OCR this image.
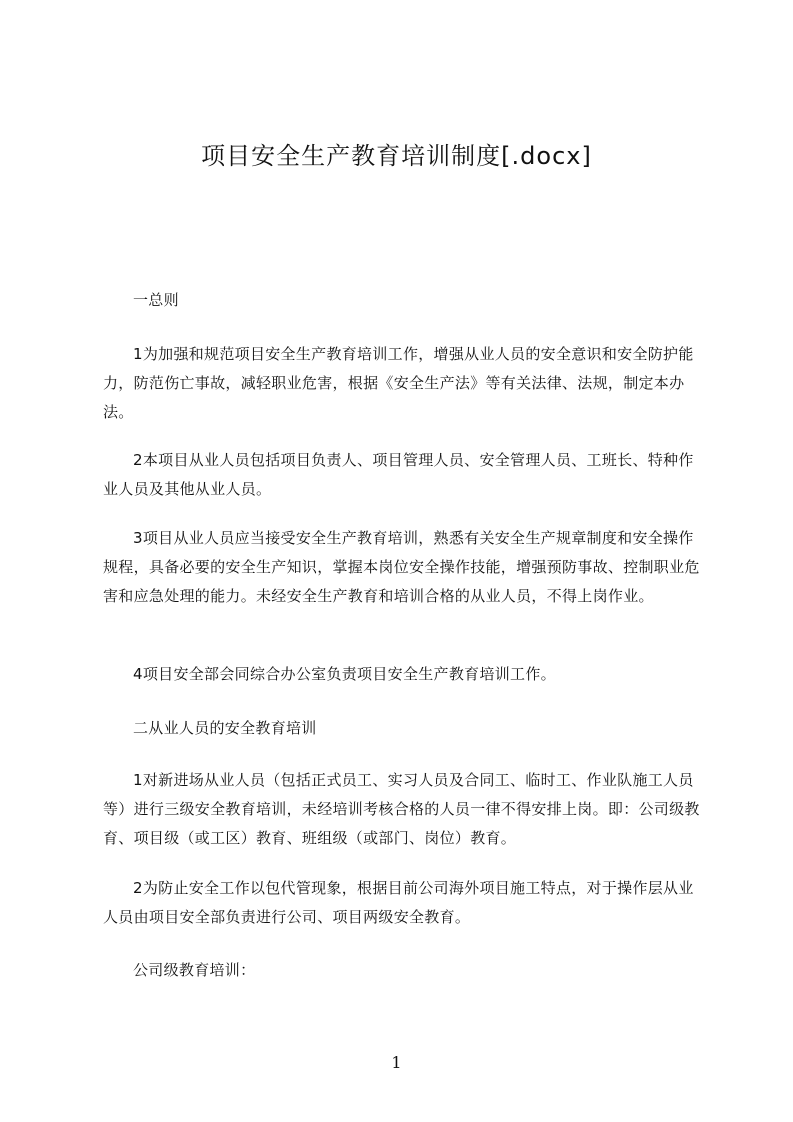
项目安全生产教育培训制度[.docx]
一总则
1为加强和规范项目安全生产教育培训工作，增强从业人员的安全意识和安全防护能力，防范伤亡事故，减轻职业危害，根据《安全生产法》等有关法律、法规，制定本办法。
2本项目从业人员包括项目负责人、项目管理人员、安全管理人员、工班长、特种作业人员及其他从业人员。
3项目从业人员应当接受安全生产教育培训，熟悉有关安全生产规章制度和安全操作规程，具备必要的安全生产知识，掌握本岗位安全操作技能，增强预防事故、控制职业危害和应急处理的能力。未经安全生产教育和培训合格的从业人员，不得上岗作业。
4项目安全部会同综合办公室负责项目安全生产教育培训工作。
二从业人员的安全教育培训
1对新进场从业人员（包括正式员工、实习人员及合同工、临时工、作业队施工人员等）进行三级安全教育培训，未经培训考核合格的人员一律不得安排上岗。即：公司级教育、项目级（或工区）教育、班组级（或部门、岗位）教育。
2为防止安全工作以包代管现象，根据目前公司海外项目施工特点，对于操作层从业人员由项目安全部负责进行公司、项目两级安全教育。
公司级教育培训：
1
